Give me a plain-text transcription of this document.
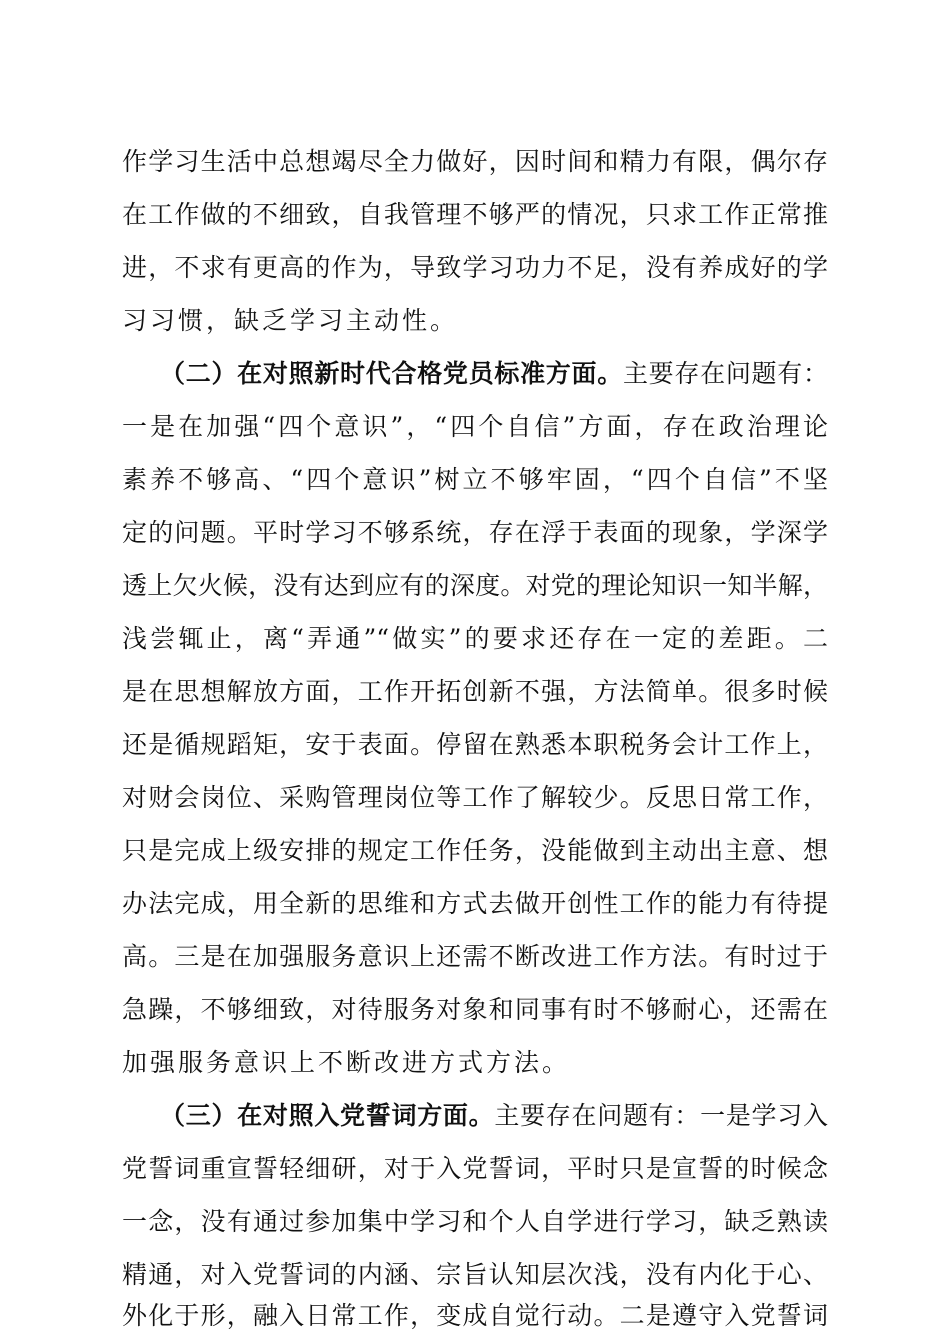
作学习生活中总想竭尽全力做好，因时间和精力有限，偶尔存
在工作做的不细致，自我管理不够严的情况，只求工作正常推
进，不求有更高的作为，导致学习功力不足，没有养成好的学
习习惯，缺乏学习主动性。
（二）在对照新时代合格党员标准方面。主要存在问题有：
一是在加强“四个意识”，“四个自信”方面，存在政治理论
素养不够高、“四个意识”树立不够牢固，“四个自信”不坚
定的问题。平时学习不够系统，存在浮于表面的现象，学深学
透上欠火候，没有达到应有的深度。对党的理论知识一知半解，
浅尝辄止，离“弄通”“做实”的要求还存在一定的差距。二
是在思想解放方面，工作开拓创新不强，方法简单。很多时候
还是循规蹈矩，安于表面。停留在熟悉本职税务会计工作上，
对财会岗位、采购管理岗位等工作了解较少。反思日常工作，
只是完成上级安排的规定工作任务，没能做到主动出主意、想
办法完成，用全新的思维和方式去做开创性工作的能力有待提
高。三是在加强服务意识上还需不断改进工作方法。有时过于
急躁，不够细致，对待服务对象和同事有时不够耐心，还需在
加强服务意识上不断改进方式方法。
（三）在对照入党誓词方面。主要存在问题有：一是学习入
党誓词重宣誓轻细研，对于入党誓词，平时只是宣誓的时候念
一念，没有通过参加集中学习和个人自学进行学习，缺乏熟读
精通，对入党誓词的内涵、宗旨认知层次浅，没有内化于心、
外化于形，融入日常工作，变成自觉行动。二是遵守入党誓词
